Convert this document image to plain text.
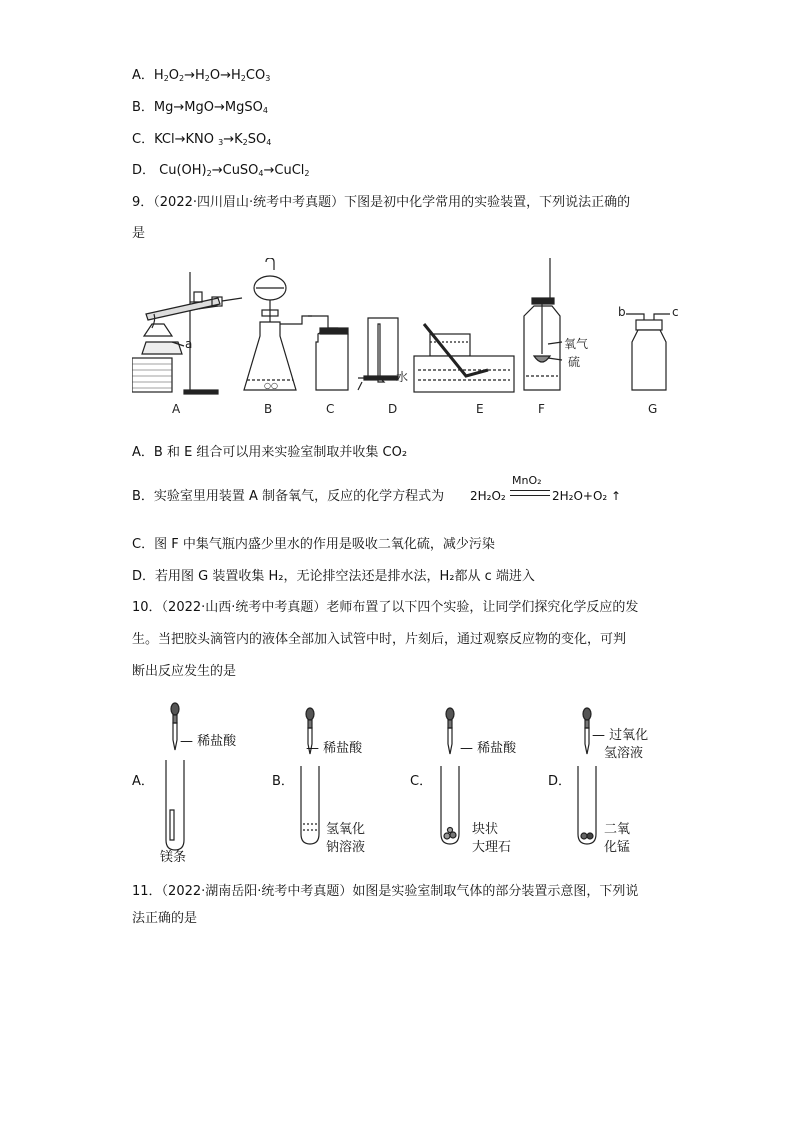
A．$H_2O_2\to H_2O\to H_2CO_3$
B．Mg→MgO→MgSO$_4$
C．KCl→KNO $_3\to K_2SO_4$
D． $Cu(OH)_2\to CuSO_4\to CuCl_2$
9．（2022·四川眉山·统考中考真题）下图是初中化学常用的实验装置，下列说法正确的
是
a
○○
水
氧气
硫
b	c
A	B	C	D	E	F	G
A．B 和 E 组合可以用来实验室制取并收集 CO₂
B．实验室里用装置 A 制备氧气，反应的化学方程式为 2H₂O₂
MnO₂
2H₂O+O₂ ↑
C．图 F 中集气瓶内盛少里水的作用是吸收二氧化硫，减少污染
D．若用图 G 装置收集 H₂，无论排空法还是排水法，H₂都从 c 端进入
10．（2022·山西·统考中考真题）老师布置了以下四个实验，让同学们探究化学反应的发
生。当把胶头滴管内的液体全部加入试管中时，片刻后，通过观察反应物的变化，可判
断出反应发生的是
A．
— 稀盐酸
镁条
B．
— 稀盐酸
氢氧化
钠溶液
C．
— 稀盐酸
块状
大理石
D．
— 过氧化
氢溶液
二氧
化锰
11．（2022·湖南岳阳·统考中考真题）如图是实验室制取气体的部分装置示意图，下列说
法正确的是
